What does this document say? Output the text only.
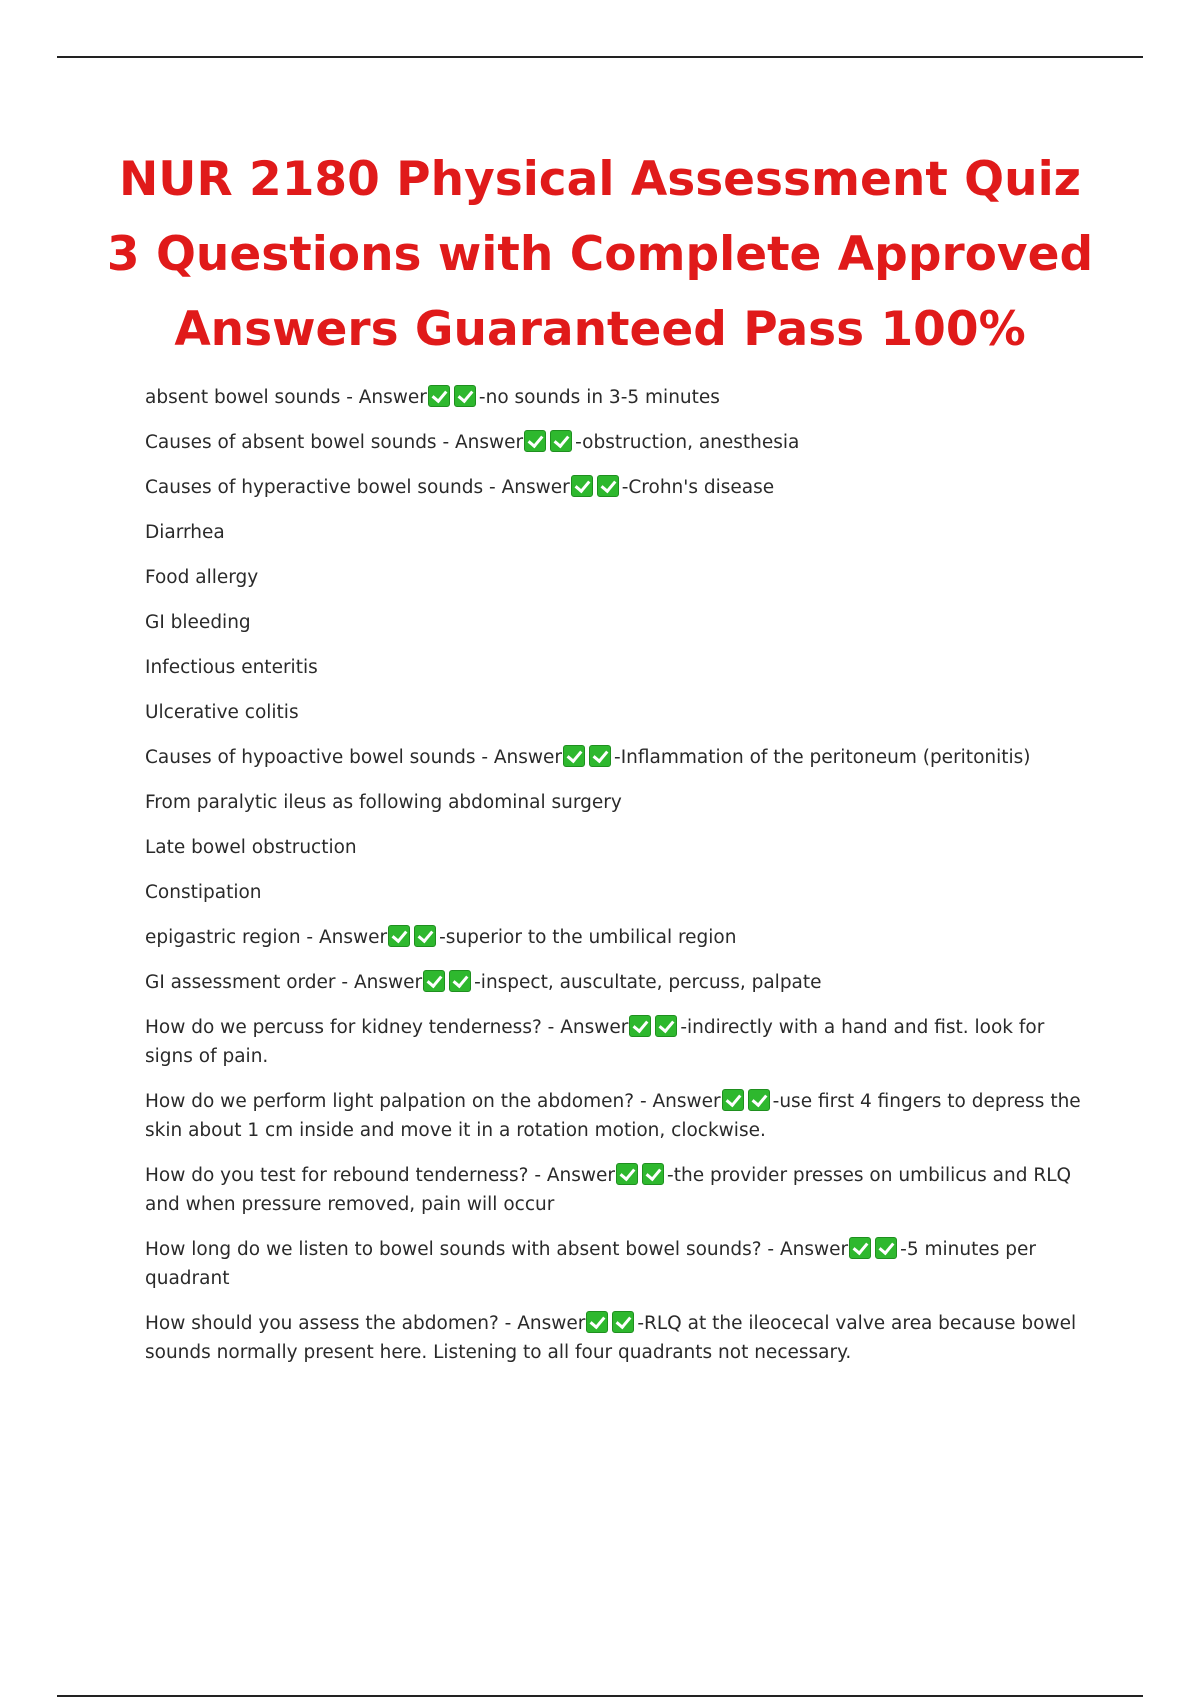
NUR 2180 Physical Assessment Quiz 3 Questions with Complete Approved Answers Guaranteed Pass 100%

absent bowel sounds - Answer	-no sounds in 3-5 minutes

Causes of absent bowel sounds - Answer	-obstruction, anesthesia

Causes of hyperactive bowel sounds - Answer	-Crohn's disease

Diarrhea

Food allergy

GI bleeding

Infectious enteritis

Ulcerative colitis

Causes of hypoactive bowel sounds - Answer	-Inflammation of the peritoneum (peritonitis)

From paralytic ileus as following abdominal surgery

Late bowel obstruction

Constipation

epigastric region - Answer	-superior to the umbilical region

GI assessment order - Answer	-inspect, auscultate, percuss, palpate

How do we percuss for kidney tenderness? - Answer	-indirectly with a hand and fist. look for signs of pain.

How do we perform light palpation on the abdomen? - Answer	-use first 4 fingers to depress the skin about 1 cm inside and move it in a rotation motion, clockwise.

How do you test for rebound tenderness? - Answer	-the provider presses on umbilicus and RLQ and when pressure removed, pain will occur

How long do we listen to bowel sounds with absent bowel sounds? - Answer	-5 minutes per quadrant

How should you assess the abdomen? - Answer	-RLQ at the ileocecal valve area because bowel sounds normally present here. Listening to all four quadrants not necessary.
